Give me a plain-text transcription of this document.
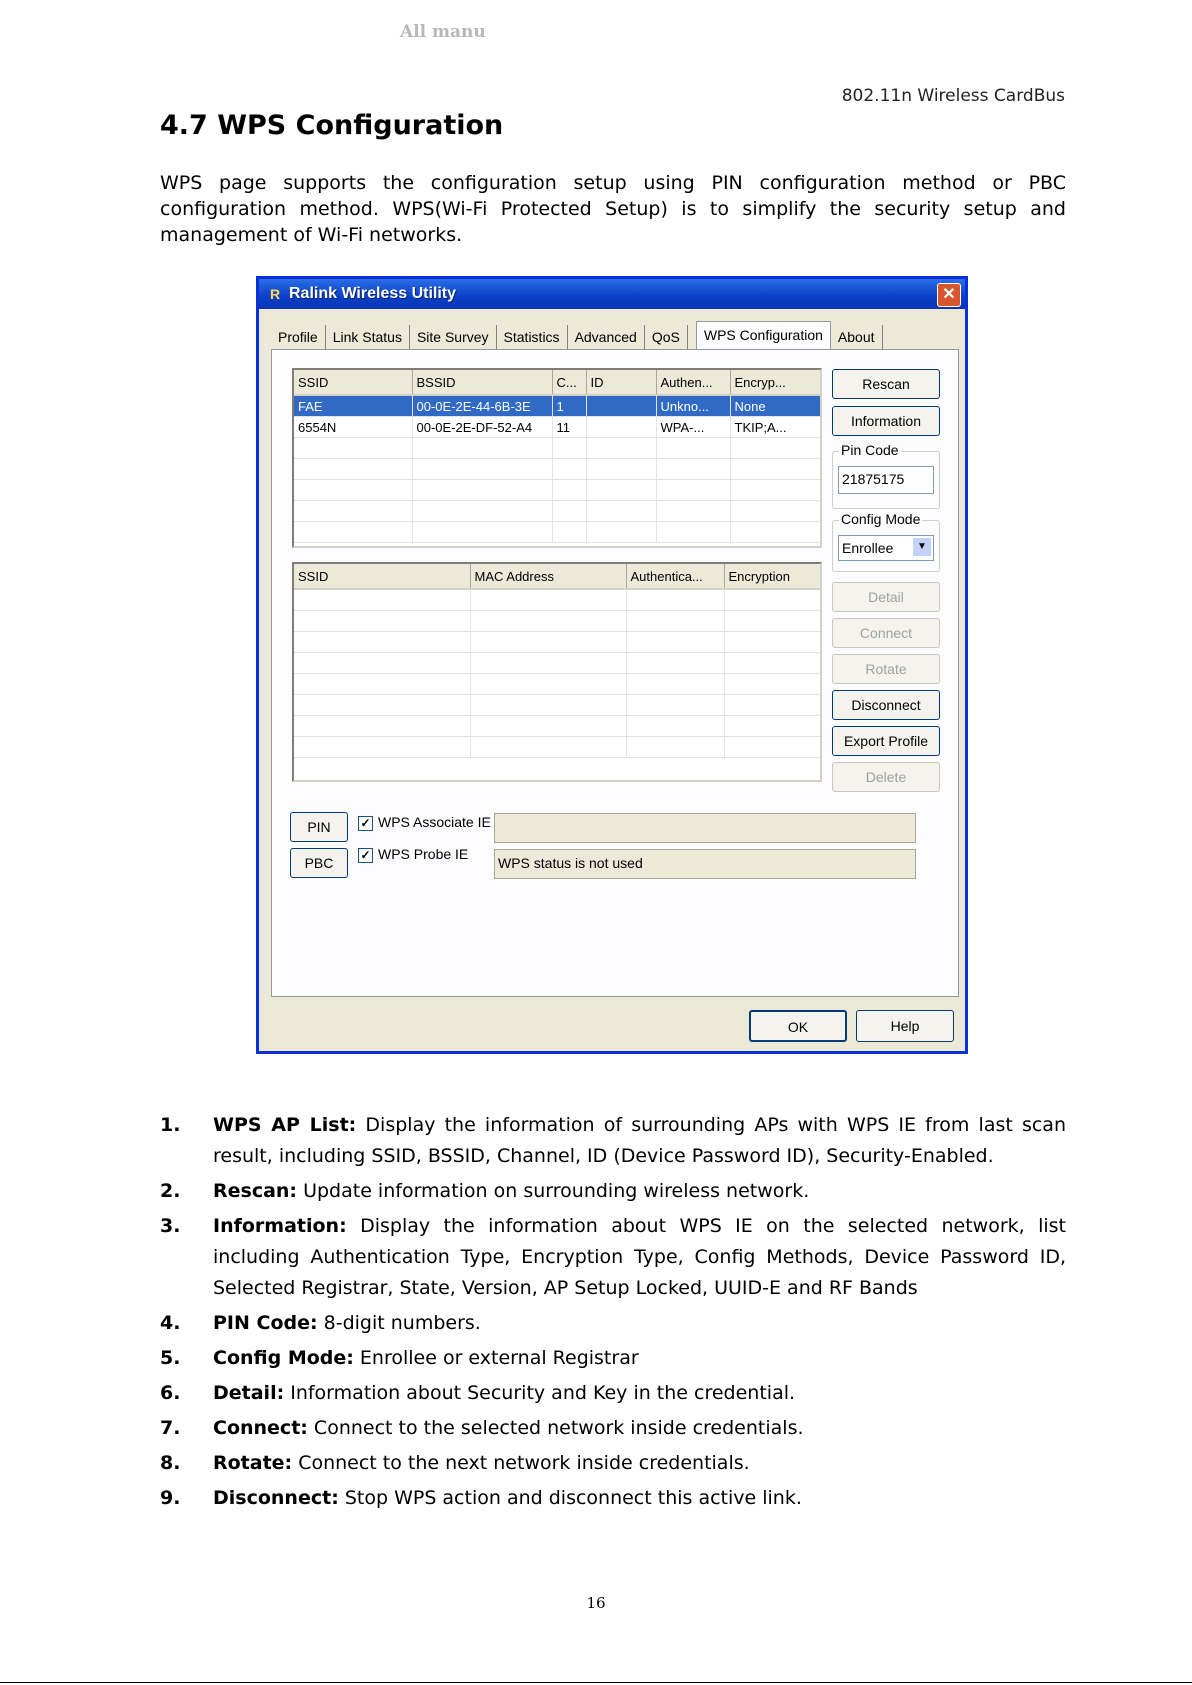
All manu
802.11n Wireless CardBus
4.7 WPS Configuration

WPS page supports the configuration setup using PIN configuration method or PBC configuration method. WPS(Wi-Fi Protected Setup) is to simplify the security setup and management of Wi-Fi networks.

R Ralink Wireless Utility	✕
Profile	Link Status	Site Survey	Statistics	Advanced	QoS	WPS Configuration	About
SSID	BSSID	C...	ID	Authen...	Encryp...
FAE	00-0E-2E-44-6B-3E	1		Unkno...	None
6554N	00-0E-2E-DF-52-A4	11		WPA-...	TKIP;A...

Rescan
Information
Pin Code
21875175
Config Mode
Enrollee	▼
SSID	MAC Address	Authentica...	Encryption

Detail
Connect
Rotate
Disconnect
Export Profile
Delete
PIN
PBC
✓ WPS Associate IE
✓ WPS Probe IE
WPS status is not used
OK	Help
1.	WPS AP List: Display the information of surrounding APs with WPS IE from last scan result, including SSID, BSSID, Channel, ID (Device Password ID), Security-Enabled.
2.	Rescan: Update information on surrounding wireless network.
3.	Information: Display the information about WPS IE on the selected network, list including Authentication Type, Encryption Type, Config Methods, Device Password ID, Selected Registrar, State, Version, AP Setup Locked, UUID-E and RF Bands
4.	PIN Code: 8-digit numbers.
5.	Config Mode: Enrollee or external Registrar
6.	Detail: Information about Security and Key in the credential.
7.	Connect: Connect to the selected network inside credentials.
8.	Rotate: Connect to the next network inside credentials.
9.	Disconnect: Stop WPS action and disconnect this active link.
16
